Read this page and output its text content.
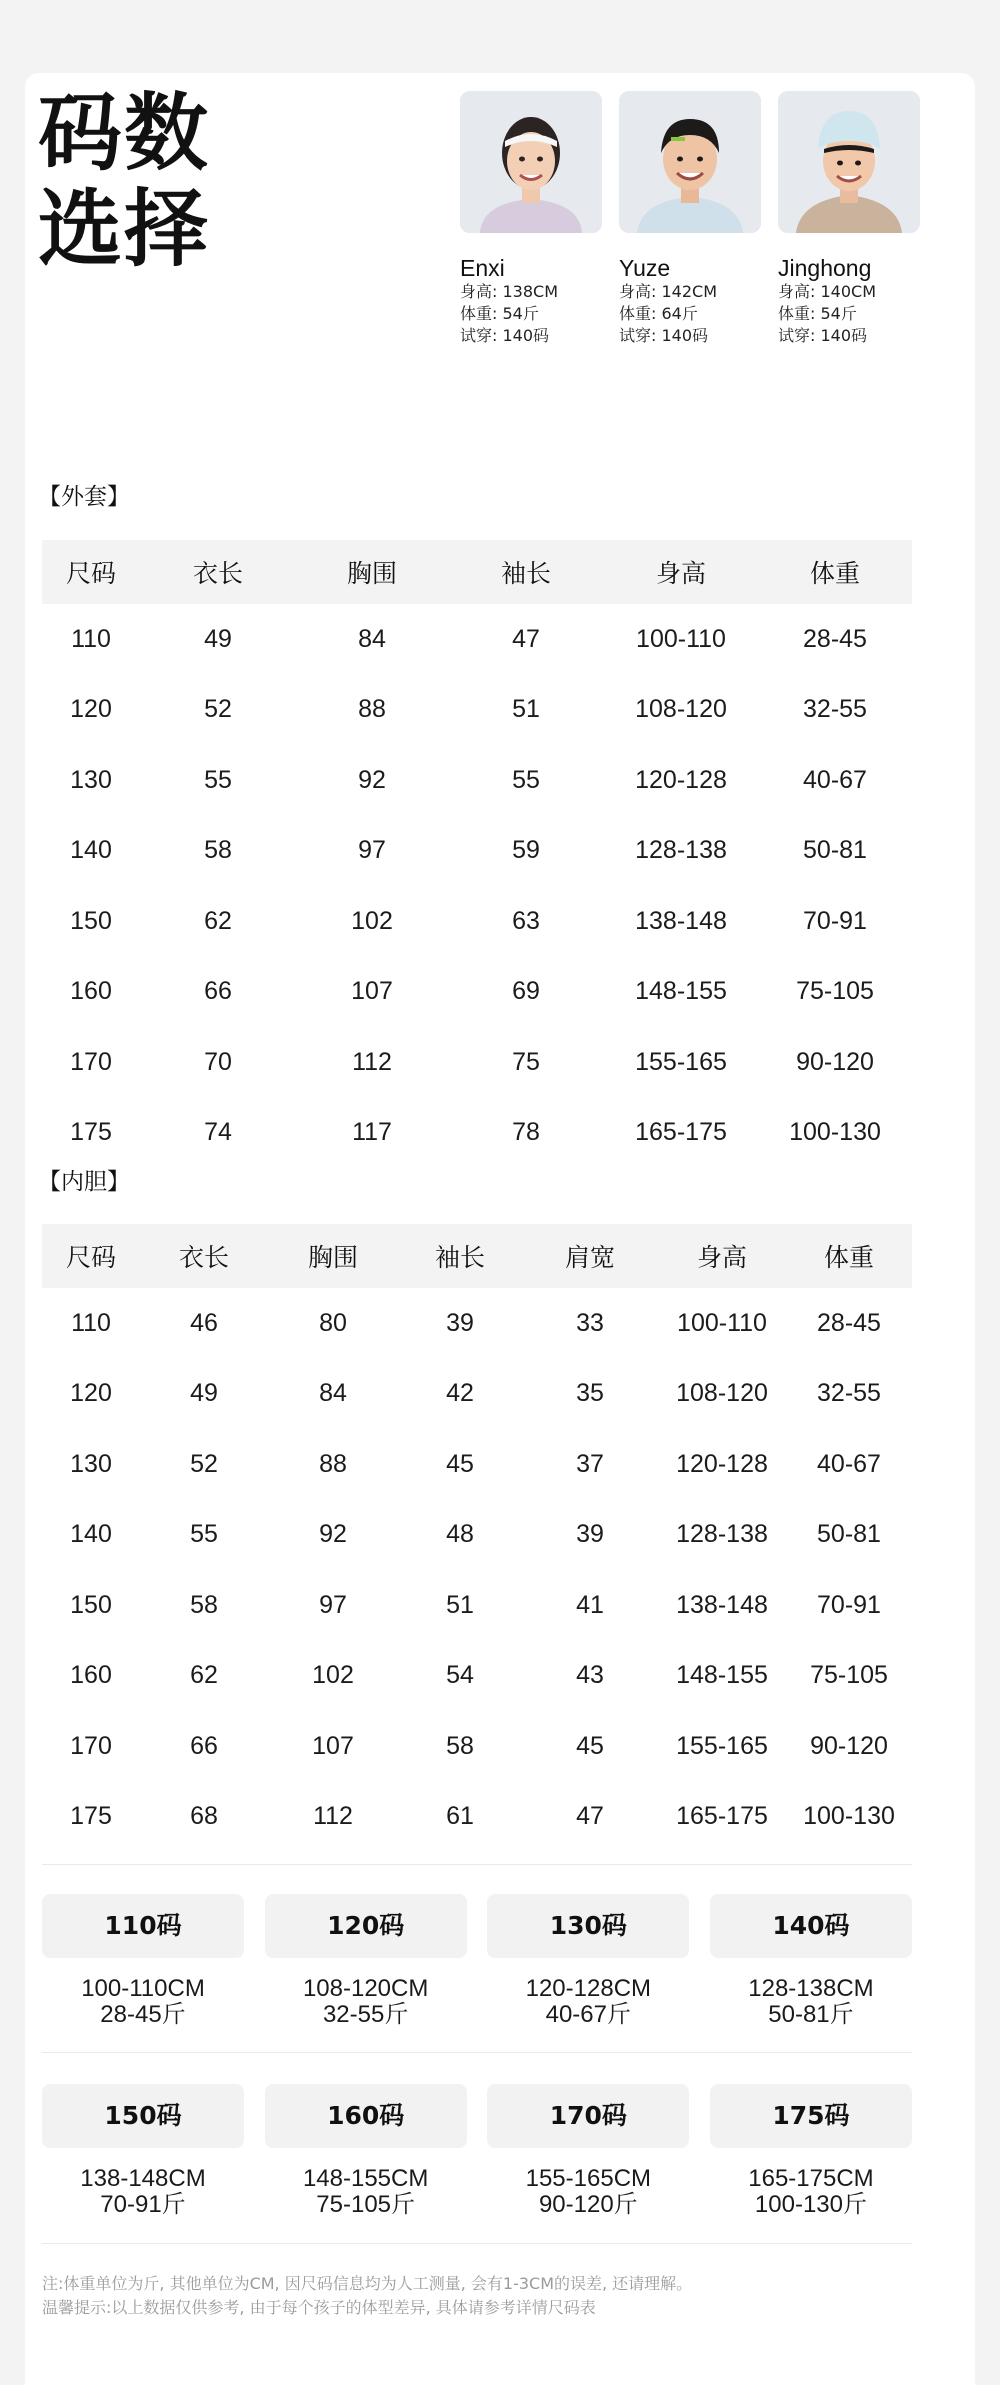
码数
选择	Enxi
身高: 138CM
体重: 54斤
试穿: 140码
Yuze
身高: 142CM
体重: 64斤
试穿: 140码
Jinghong
身高: 140CM
体重: 54斤
试穿: 140码
【外套】
尺码	衣长	胸围	袖长	身高	体重
110	49	84	47	100-110	28-45
120	52	88	51	108-120	32-55
130	55	92	55	120-128	40-67
140	58	97	59	128-138	50-81
150	62	102	63	138-148	70-91
160	66	107	69	148-155	75-105
170	70	112	75	155-165	90-120
175	74	117	78	165-175	100-130
【内胆】
尺码	衣长	胸围	袖长	肩宽	身高	体重
110	46	80	39	33	100-110	28-45
120	49	84	42	35	108-120	32-55
130	52	88	45	37	120-128	40-67
140	55	92	48	39	128-138	50-81
150	58	97	51	41	138-148	70-91
160	62	102	54	43	148-155	75-105
170	66	107	58	45	155-165	90-120
175	68	112	61	47	165-175	100-130
110码
100-110CM
28-45斤
120码
108-120CM
32-55斤
130码
120-128CM
40-67斤
140码
128-138CM
50-81斤
150码
138-148CM
70-91斤
160码
148-155CM
75-105斤
170码
155-165CM
90-120斤
175码
165-175CM
100-130斤
注:体重单位为斤, 其他单位为CM, 因尺码信息均为人工测量, 会有1-3CM的误差, 还请理解。
温馨提示:以上数据仅供参考, 由于每个孩子的体型差异, 具体请参考详情尺码表
